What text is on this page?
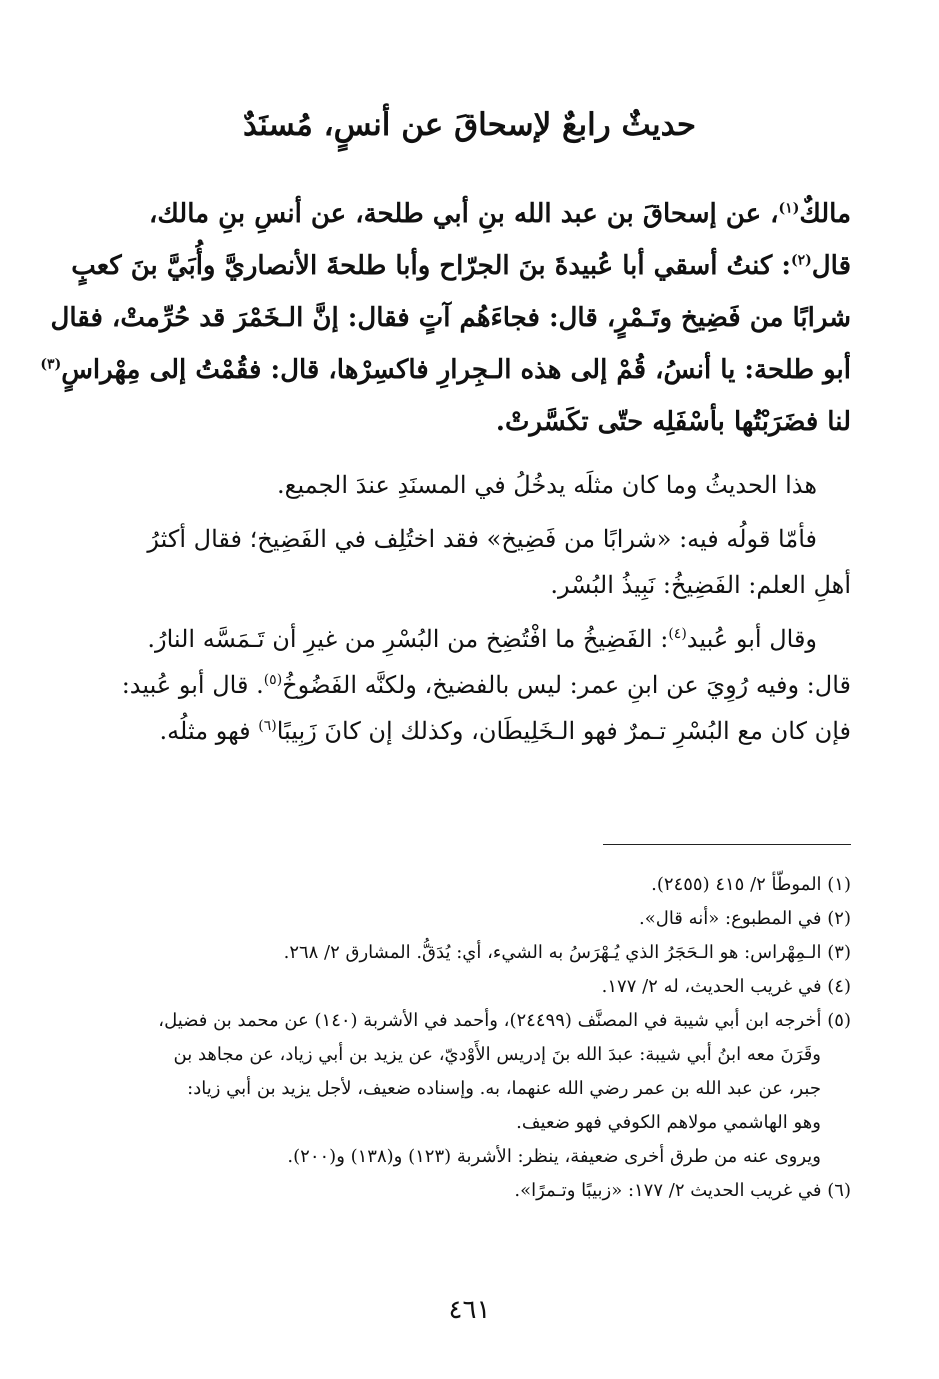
حديثٌ رابعٌ لإسحاقَ عن أنسٍ، مُسنَدٌ
مالكٌ$^{(١)}$، عن إسحاقَ بن عبد الله بنِ أبي طلحة، عن أنسِ بنِ مالك،
قال$^{(٢)}$: كنتُ أسقي أبا عُبيدةَ بنَ الجرّاح وأبا طلحةَ الأنصاريَّ وأُبَيَّ بنَ كعبٍ
شرابًا من فَضِيخ وتَـمْرٍ، قال: فجاءَهُم آتٍ فقال: إنَّ الـخَمْرَ قد حُرِّمتْ، فقال
أبو طلحة: يا أنسُ، قُمْ إلى هذه الـجِرارِ فاكسِرْها، قال: فقُمْتُ إلى مِهْراسٍ$^{(٣)}$
لنا فضَرَبْتُها بأسْفَلِه حتّى تكَسَّرتْ.
هذا الحديثُ وما كان مثلَه يدخُلُ في المسنَدِ عندَ الجميع.
فأمّا قولُه فيه: «شرابًا من فَضِيخ» فقد اختُلِف في الفَضِيخ؛ فقال أكثرُ
أهلِ العلم: الفَضِيخُ: نَبِيذُ البُسْر.
وقال أبو عُبيد$^{(٤)}$: الفَضِيخُ ما افْتُضِخ من البُسْرِ من غيرِ أن تَـمَسَّه النارُ.
قال: وفيه رُوِيَ عن ابنِ عمر: ليس بالفضيخ، ولكنَّه الفَضُوخُ$^{(٥)}$. قال أبو عُبيد:
فإن كان مع البُسْرِ تـمرٌ فهو الـخَلِيطَان، وكذلك إن كانَ زَبِيبًا$^{(٦)}$ فهو مثلُه.
(١) الموطّأ ٢/ ٤١٥ (٢٤٥٥).
(٢) في المطبوع: «أنه قال».
(٣) الـمِهْراس: هو الـحَجَرُ الذي يُـهْرَسُ به الشيء، أي: يُدَقُّ. المشارق ٢/ ٢٦٨.
(٤) في غريب الحديث، له ٢/ ١٧٧.
(٥) أخرجه ابن أبي شيبة في المصنَّف (٢٤٤٩٩)، وأحمد في الأشربة (١٤٠) عن محمد بن فضيل،
وقَرَنَ معه ابنُ أبي شيبة: عبدَ الله بنَ إدريس الأَوْديّ، عن يزيد بن أبي زياد، عن مجاهد بن
جبر، عن عبد الله بن عمر رضي الله عنهما، به. وإسناده ضعيف، لأجل يزيد بن أبي زياد:
وهو الهاشمي مولاهم الكوفي فهو ضعيف.
ويروى عنه من طرق أخرى ضعيفة، ينظر: الأشربة (١٢٣) و(١٣٨) و(٢٠٠).
(٦) في غريب الحديث ٢/ ١٧٧: «زبيبًا وتـمرًا».
٤٦١
